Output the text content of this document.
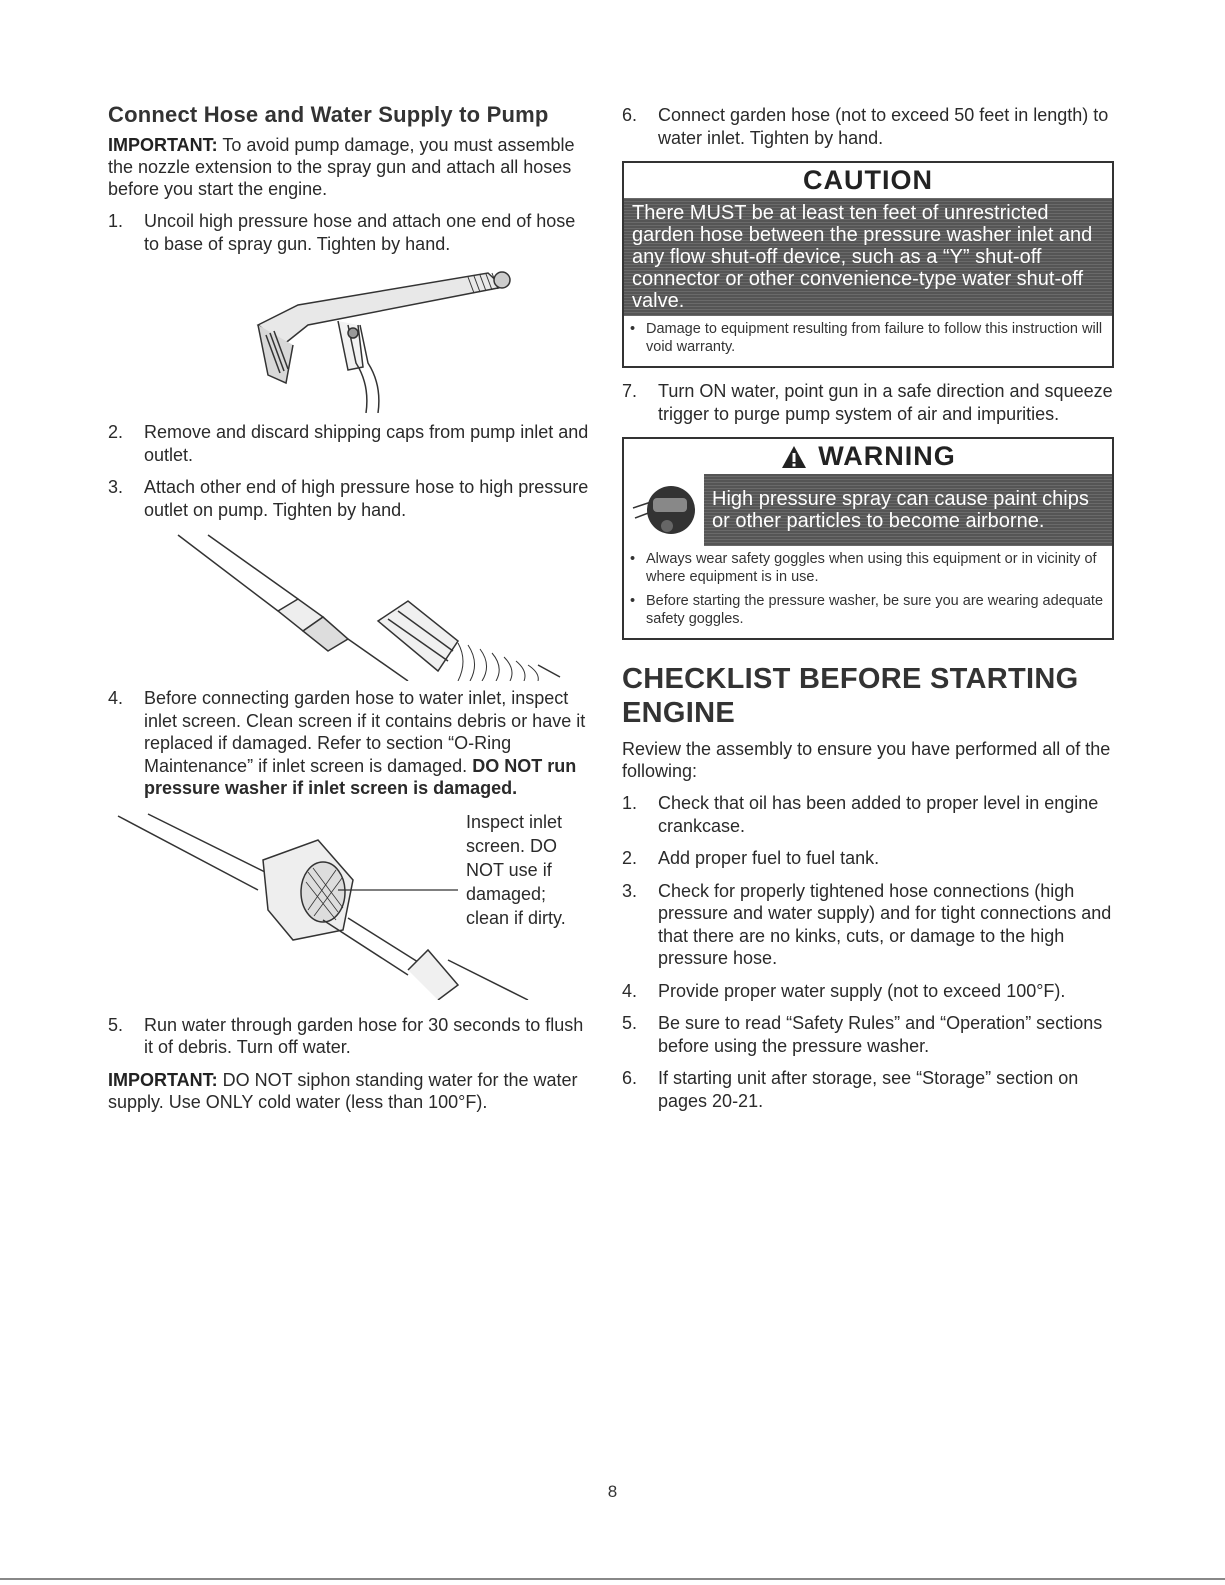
Connect Hose and Water Supply to Pump

IMPORTANT: To avoid pump damage, you must assemble the nozzle extension to the spray gun and attach all hoses before you start the engine.

1.	Uncoil high pressure hose and attach one end of hose to base of spray gun. Tighten by hand.
2.	Remove and discard shipping caps from pump inlet and outlet.
3.	Attach other end of high pressure hose to high pressure outlet on pump. Tighten by hand.
4.	Before connecting garden hose to water inlet, inspect inlet screen. Clean screen if it contains debris or have it replaced if damaged. Refer to section “O-Ring Maintenance” if inlet screen is damaged. DO NOT run pressure washer if inlet screen is damaged.
Inspect inlet
screen. DO
NOT use if
damaged;
clean if dirty.
5.	Run water through garden hose for 30 seconds to flush it of debris. Turn off water.

IMPORTANT: DO NOT siphon standing water for the water supply. Use ONLY cold water (less than 100°F).

6.	Connect garden hose (not to exceed 50 feet in length) to water inlet. Tighten by hand.
CAUTION
There MUST be at least ten feet of unrestricted garden hose between the pressure washer inlet and any flow shut-off device, such as a “Y” shut-off connector or other convenience-type water shut-off valve.
• Damage to equipment resulting from failure to follow this instruction will void warranty.
7.	Turn ON water, point gun in a safe direction and squeeze trigger to purge pump system of air and impurities.
WARNING
High pressure spray can cause paint chips or other particles to become airborne.
• Always wear safety goggles when using this equipment or in vicinity of where equipment is in use.
• Before starting the pressure washer, be sure you are wearing adequate safety goggles.
CHECKLIST BEFORE STARTING ENGINE

Review the assembly to ensure you have performed all of the following:

1.	Check that oil has been added to proper level in engine crankcase.
2.	Add proper fuel to fuel tank.
3.	Check for properly tightened hose connections (high pressure and water supply) and for tight connections and that there are no kinks, cuts, or damage to the high pressure hose.
4.	Provide proper water supply (not to exceed 100°F).
5.	Be sure to read “Safety Rules” and “Operation” sections before using the pressure washer.
6.	If starting unit after storage, see “Storage” section on pages 20-21.
8
